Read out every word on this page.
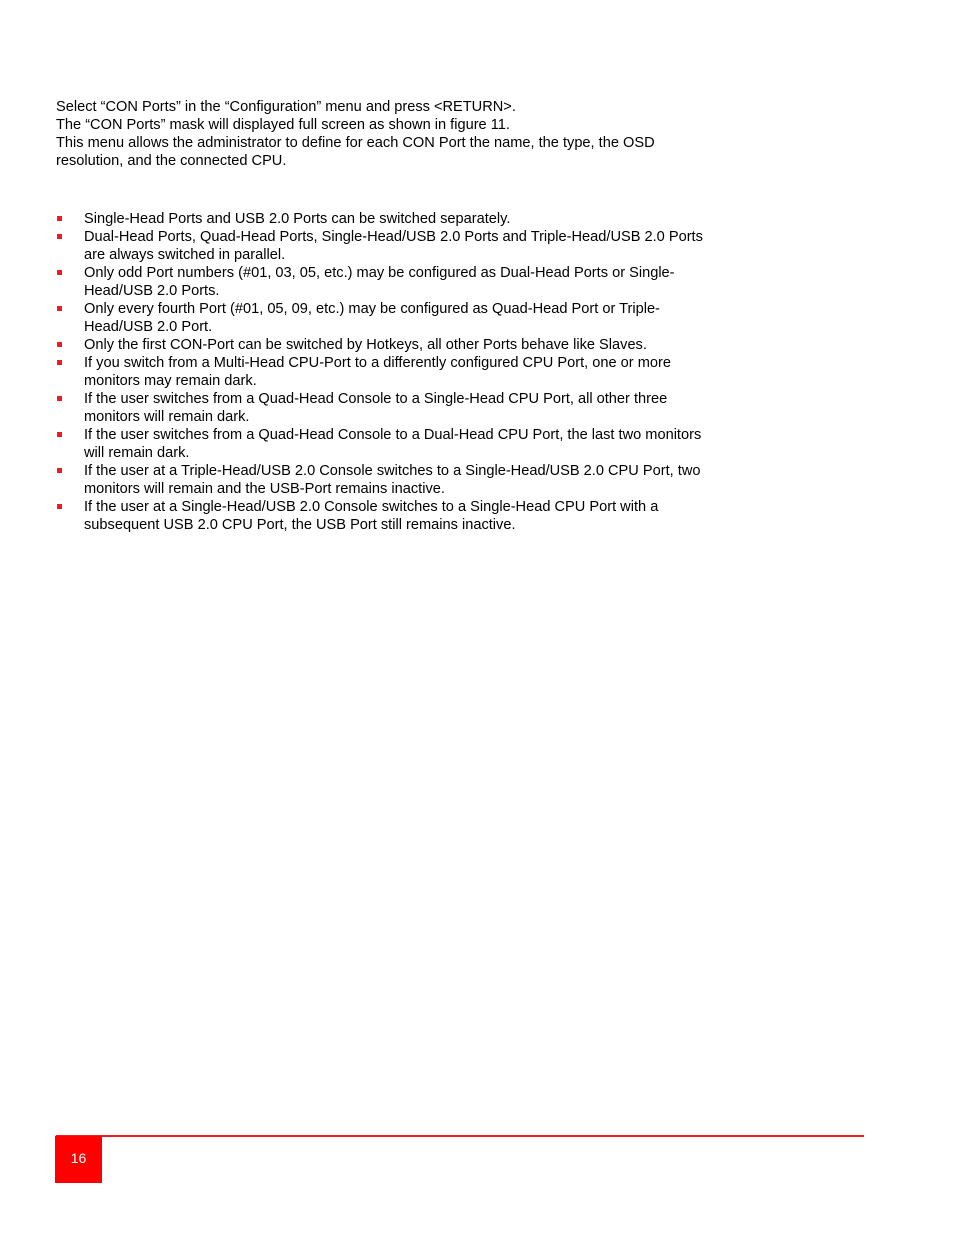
Select “CON Ports” in the “Configuration” menu and press <RETURN>.

The “CON Ports” mask will displayed full screen as shown in figure 11.

This menu allows the administrator to define for each CON Port the name, the type, the OSD resolution, and the connected CPU.

Single-Head Ports and USB 2.0 Ports can be switched separately.
Dual-Head Ports, Quad-Head Ports, Single-Head/USB 2.0 Ports and Triple-Head/USB 2.0 Ports are always switched in parallel.
Only odd Port numbers (#01, 03, 05, etc.) may be configured as Dual-Head Ports or Single-Head/USB 2.0 Ports.
Only every fourth Port (#01, 05, 09, etc.) may be configured as Quad-Head Port or Triple-Head/USB 2.0 Port.
Only the first CON-Port can be switched by Hotkeys, all other Ports behave like Slaves.
If you switch from a Multi-Head CPU-Port to a differently configured CPU Port, one or more monitors may remain dark.
If the user switches from a Quad-Head Console to a Single-Head CPU Port, all other three monitors will remain dark.
If the user switches from a Quad-Head Console to a Dual-Head CPU Port, the last two monitors will remain dark.
If the user at a Triple-Head/USB 2.0 Console switches to a Single-Head/USB 2.0 CPU Port, two monitors will remain and the USB-Port remains inactive.
If the user at a Single-Head/USB 2.0 Console switches to a Single-Head CPU Port with a subsequent USB 2.0 CPU Port, the USB Port still remains inactive.
16
